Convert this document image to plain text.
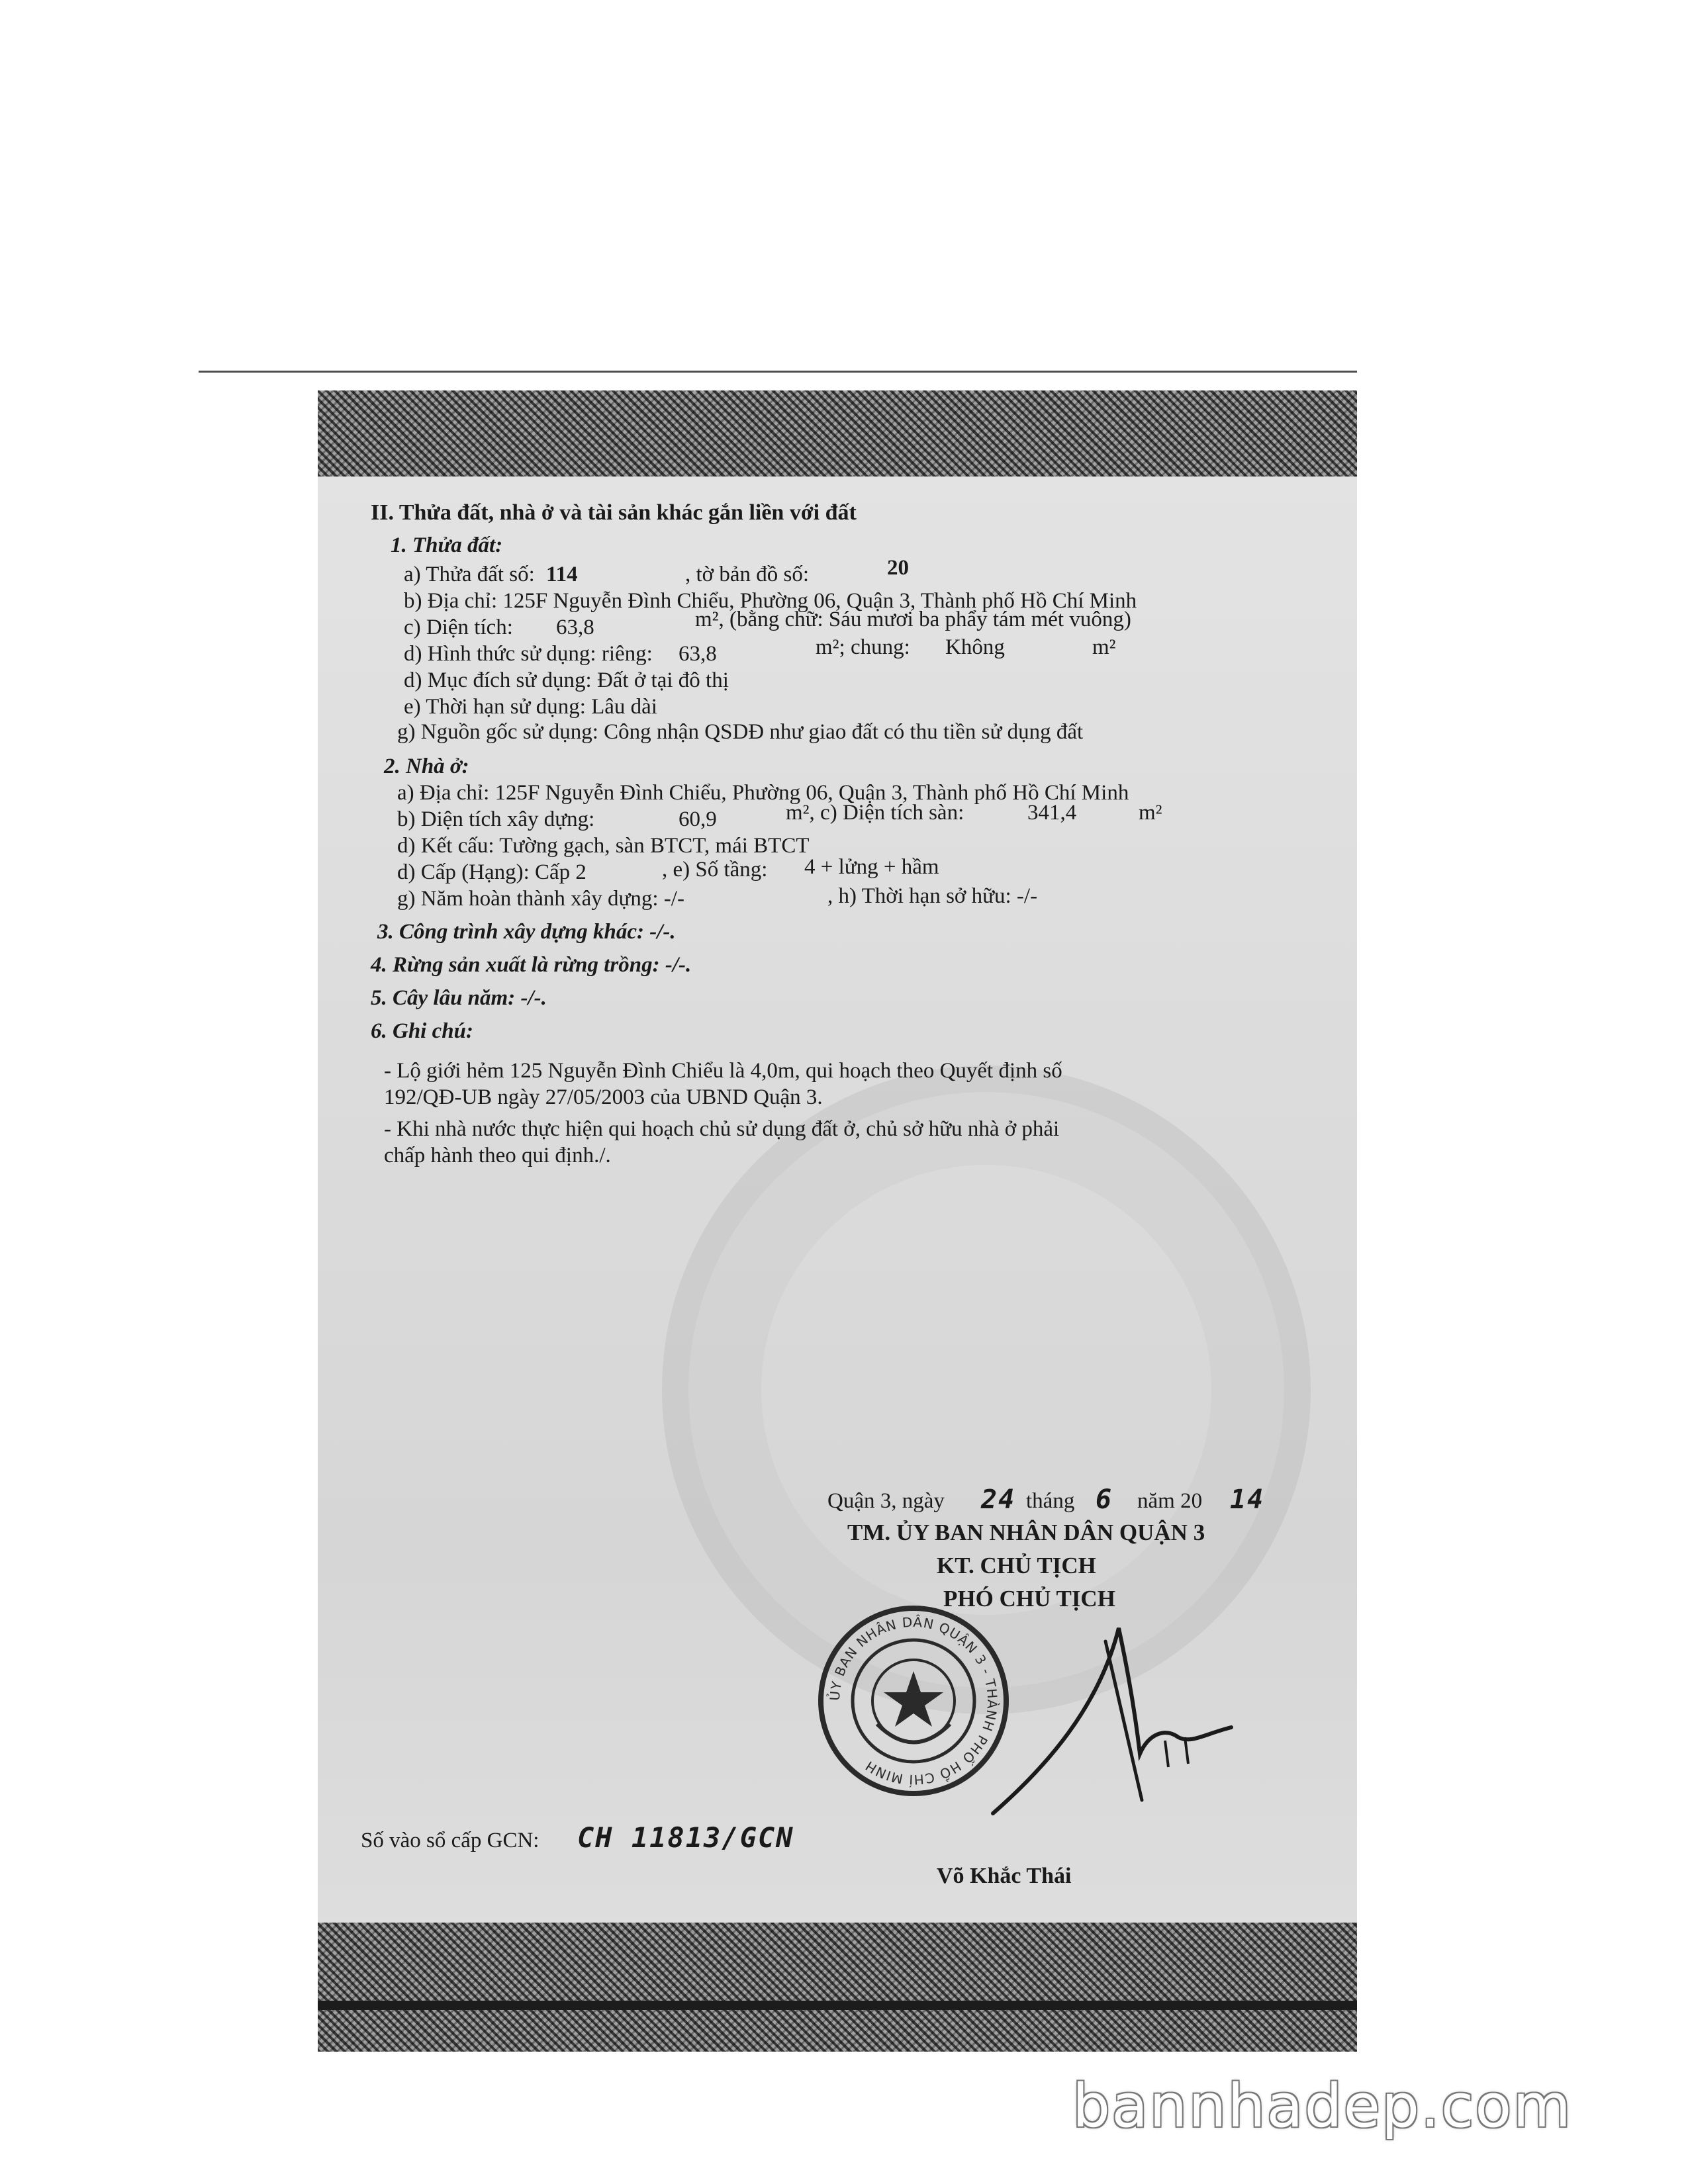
II. Thửa đất, nhà ở và tài sản khác gắn liền với đất
1. Thửa đất:
a) Thửa đất số: 114	, tờ bản đồ số:	20
b) Địa chỉ: 125F Nguyễn Đình Chiểu, Phường 06, Quận 3, Thành phố Hồ Chí Minh
c) Diện tích: 63,8	m², (bằng chữ: Sáu mươi ba phẩy tám mét vuông)
d) Hình thức sử dụng: riêng: 63,8	m²; chung: Không	m²
d) Mục đích sử dụng: Đất ở tại đô thị
e) Thời hạn sử dụng: Lâu dài
g) Nguồn gốc sử dụng: Công nhận QSDĐ như giao đất có thu tiền sử dụng đất
2. Nhà ở:
a) Địa chỉ: 125F Nguyễn Đình Chiểu, Phường 06, Quận 3, Thành phố Hồ Chí Minh
b) Diện tích xây dựng:	60,9	m², c) Diện tích sàn:	341,4	m²
d) Kết cấu: Tường gạch, sàn BTCT, mái BTCT
d) Cấp (Hạng): Cấp 2	, e) Số tầng: 4 + lửng + hầm
g) Năm hoàn thành xây dựng: -/-	, h) Thời hạn sở hữu: -/-
3. Công trình xây dựng khác: -/-.
4. Rừng sản xuất là rừng trồng: -/-.
5. Cây lâu năm: -/-.
6. Ghi chú:
- Lộ giới hẻm 125 Nguyễn Đình Chiểu là 4,0m, qui hoạch theo Quyết định số
192/QĐ-UB ngày 27/05/2003 của UBND Quận 3.
- Khi nhà nước thực hiện qui hoạch chủ sử dụng đất ở, chủ sở hữu nhà ở phải
chấp hành theo qui định./.
Quận 3, ngày 24 tháng 6 năm 20 14
TM. ỦY BAN NHÂN DÂN QUẬN 3
KT. CHỦ TỊCH
PHÓ CHỦ TỊCH
ỦY BAN NHÂN DÂN QUẬN 3 - THÀNH PHỐ HỒ CHÍ MINH
Số vào sổ cấp GCN: CH 11813/GCN
Võ Khắc Thái
bannhadep.com
